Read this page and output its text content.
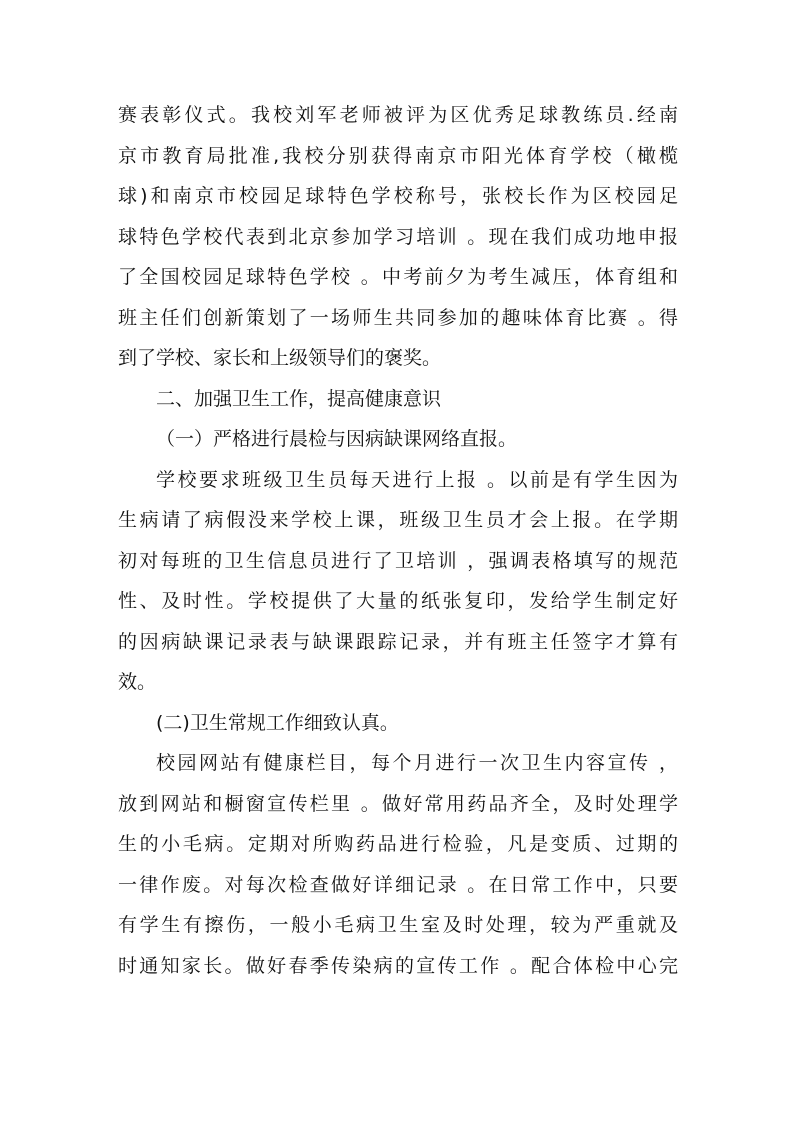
赛表彰仪式。我校刘军老师被评为区优秀足球教练员.经南
京市教育局批准,我校分别获得南京市阳光体育学校（橄榄
球)和南京市校园足球特色学校称号，张校长作为区校园足
球特色学校代表到北京参加学习培训 。现在我们成功地申报
了全国校园足球特色学校 。中考前夕为考生减压，体育组和
班主任们创新策划了一场师生共同参加的趣味体育比赛 。得
到了学校、家长和上级领导们的褒奖。
二、加强卫生工作，提高健康意识
（一）严格进行晨检与因病缺课网络直报。
学校要求班级卫生员每天进行上报 。以前是有学生因为
生病请了病假没来学校上课，班级卫生员才会上报。在学期
初对每班的卫生信息员进行了卫培训 ，强调表格填写的规范
性、及时性。学校提供了大量的纸张复印，发给学生制定好
的因病缺课记录表与缺课跟踪记录，并有班主任签字才算有
效。
(二)卫生常规工作细致认真。
校园网站有健康栏目，每个月进行一次卫生内容宣传 ，
放到网站和橱窗宣传栏里 。做好常用药品齐全，及时处理学
生的小毛病。定期对所购药品进行检验，凡是变质、过期的
一律作废。对每次检查做好详细记录 。在日常工作中，只要
有学生有擦伤，一般小毛病卫生室及时处理，较为严重就及
时通知家长。做好春季传染病的宣传工作 。配合体检中心完
